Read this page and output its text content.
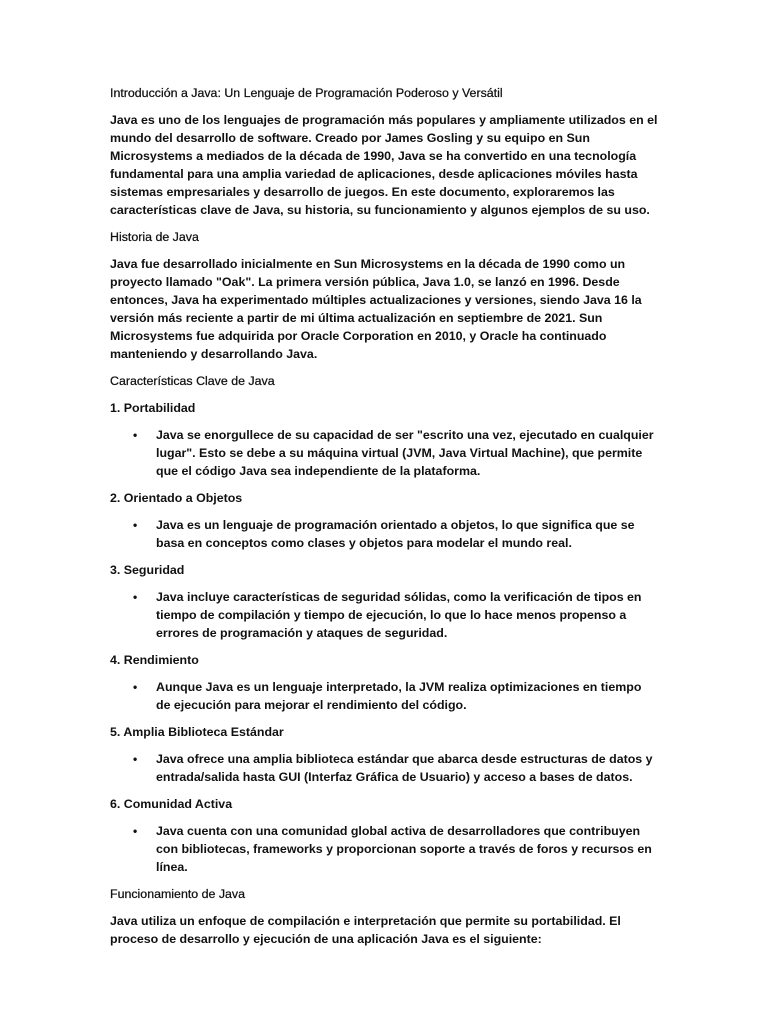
Introducción a Java: Un Lenguaje de Programación Poderoso y Versátil

Java es uno de los lenguajes de programación más populares y ampliamente utilizados en el mundo del desarrollo de software. Creado por James Gosling y su equipo en Sun Microsystems a mediados de la década de 1990, Java se ha convertido en una tecnología fundamental para una amplia variedad de aplicaciones, desde aplicaciones móviles hasta sistemas empresariales y desarrollo de juegos. En este documento, exploraremos las características clave de Java, su historia, su funcionamiento y algunos ejemplos de su uso.

Historia de Java

Java fue desarrollado inicialmente en Sun Microsystems en la década de 1990 como un proyecto llamado "Oak". La primera versión pública, Java 1.0, se lanzó en 1996. Desde entonces, Java ha experimentado múltiples actualizaciones y versiones, siendo Java 16 la versión más reciente a partir de mi última actualización en septiembre de 2021. Sun Microsystems fue adquirida por Oracle Corporation en 2010, y Oracle ha continuado manteniendo y desarrollando Java.

Características Clave de Java

1. Portabilidad

• Java se enorgullece de su capacidad de ser "escrito una vez, ejecutado en cualquier lugar". Esto se debe a su máquina virtual (JVM, Java Virtual Machine), que permite que el código Java sea independiente de la plataforma.

2. Orientado a Objetos

• Java es un lenguaje de programación orientado a objetos, lo que significa que se basa en conceptos como clases y objetos para modelar el mundo real.

3. Seguridad

• Java incluye características de seguridad sólidas, como la verificación de tipos en tiempo de compilación y tiempo de ejecución, lo que lo hace menos propenso a errores de programación y ataques de seguridad.

4. Rendimiento

• Aunque Java es un lenguaje interpretado, la JVM realiza optimizaciones en tiempo de ejecución para mejorar el rendimiento del código.

5. Amplia Biblioteca Estándar

• Java ofrece una amplia biblioteca estándar que abarca desde estructuras de datos y entrada/salida hasta GUI (Interfaz Gráfica de Usuario) y acceso a bases de datos.

6. Comunidad Activa

• Java cuenta con una comunidad global activa de desarrolladores que contribuyen con bibliotecas, frameworks y proporcionan soporte a través de foros y recursos en línea.

Funcionamiento de Java

Java utiliza un enfoque de compilación e interpretación que permite su portabilidad. El proceso de desarrollo y ejecución de una aplicación Java es el siguiente:
